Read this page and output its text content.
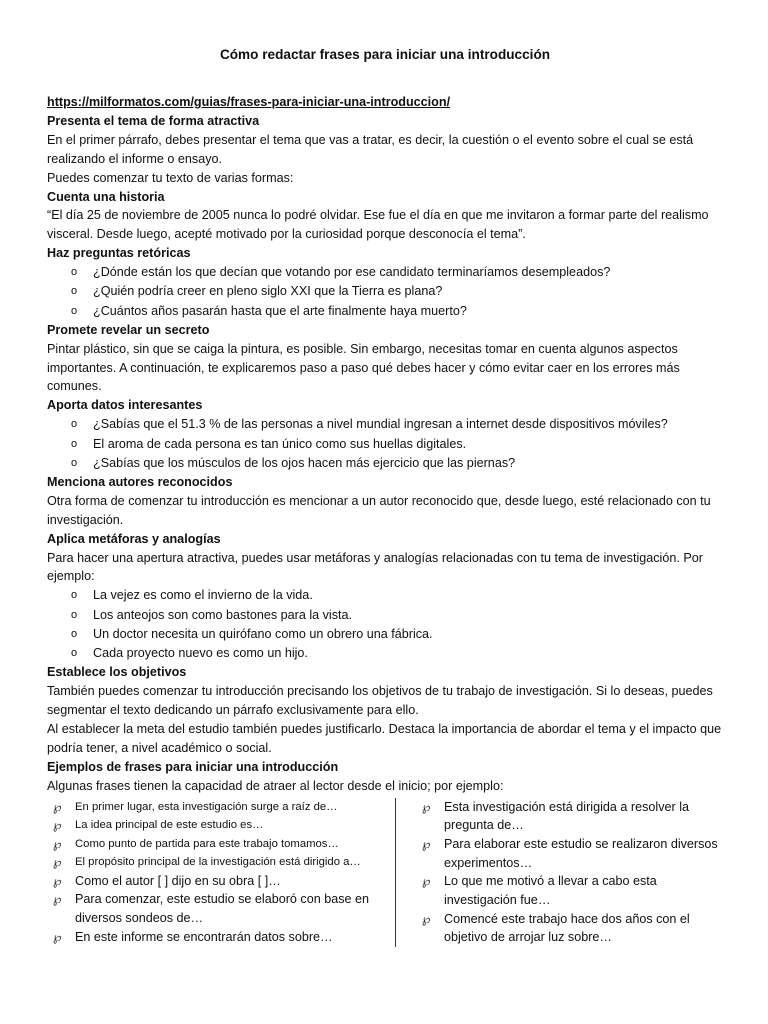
Cómo redactar frases para iniciar una introducción

https://milformatos.com/guias/frases-para-iniciar-una-introduccion/

Presenta el tema de forma atractiva

En el primer párrafo, debes presentar el tema que vas a tratar, es decir, la cuestión o el evento sobre el cual se está realizando el informe o ensayo.

Puedes comenzar tu texto de varias formas:

Cuenta una historia

“El día 25 de noviembre de 2005 nunca lo podré olvidar. Ese fue el día en que me invitaron a formar parte del realismo visceral. Desde luego, acepté motivado por la curiosidad porque desconocía el tema”.

Haz preguntas retóricas

o ¿Dónde están los que decían que votando por ese candidato terminaríamos desempleados?
o ¿Quién podría creer en pleno siglo XXI que la Tierra es plana?
o ¿Cuántos años pasarán hasta que el arte finalmente haya muerto?

Promete revelar un secreto

Pintar plástico, sin que se caiga la pintura, es posible. Sin embargo, necesitas tomar en cuenta algunos aspectos importantes. A continuación, te explicaremos paso a paso qué debes hacer y cómo evitar caer en los errores más comunes.

Aporta datos interesantes

o ¿Sabías que el 51.3 % de las personas a nivel mundial ingresan a internet desde dispositivos móviles?
o El aroma de cada persona es tan único como sus huellas digitales.
o ¿Sabías que los músculos de los ojos hacen más ejercicio que las piernas?

Menciona autores reconocidos

Otra forma de comenzar tu introducción es mencionar a un autor reconocido que, desde luego, esté relacionado con tu investigación.

Aplica metáforas y analogías

Para hacer una apertura atractiva, puedes usar metáforas y analogías relacionadas con tu tema de investigación. Por ejemplo:

o La vejez es como el invierno de la vida.
o Los anteojos son como bastones para la vista.
o Un doctor necesita un quirófano como un obrero una fábrica.
o Cada proyecto nuevo es como un hijo.

Establece los objetivos

También puedes comenzar tu introducción precisando los objetivos de tu trabajo de investigación. Si lo deseas, puedes segmentar el texto dedicando un párrafo exclusivamente para ello.

Al establecer la meta del estudio también puedes justificarlo. Destaca la importancia de abordar el tema y el impacto que podría tener, a nivel académico o social.

Ejemplos de frases para iniciar una introducción

Algunas frases tienen la capacidad de atraer al lector desde el inicio; por ejemplo:

℘ En primer lugar, esta investigación surge a raíz de…
℘ La idea principal de este estudio es…
℘ Como punto de partida para este trabajo tomamos…
℘ El propósito principal de la investigación está dirigido a…
℘ Como el autor [ ] dijo en su obra [ ]…
℘ Para comenzar, este estudio se elaboró con base en diversos sondeos de…
℘ En este informe se encontrarán datos sobre…
℘ Esta investigación está dirigida a resolver la pregunta de…
℘ Para elaborar este estudio se realizaron diversos experimentos…
℘ Lo que me motivó a llevar a cabo esta investigación fue…
℘ Comencé este trabajo hace dos años con el objetivo de arrojar luz sobre…
